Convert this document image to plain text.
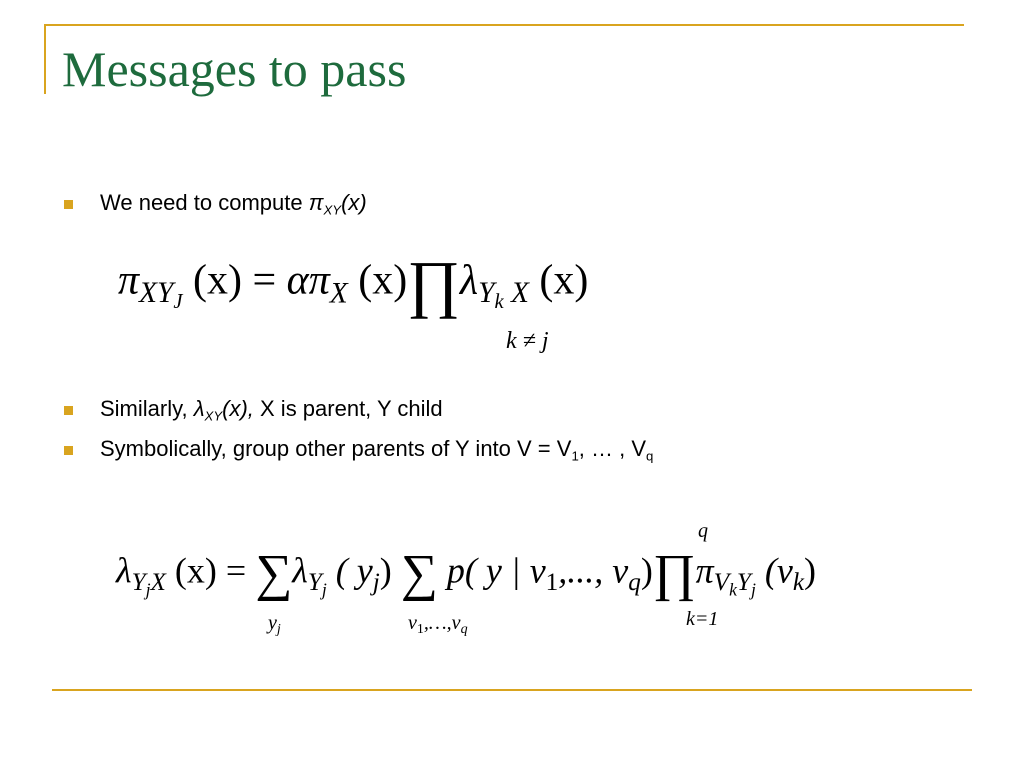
Messages to pass
We need to compute $\pi_{XY}(x)$
$\pi_{XY_J}$ $(x) = \alpha\pi_X$ $(x)\prod\lambda_{Y_k X}$ (x)
k ≠ j
Similarly, $\lambda_{XY}(x)$, X is parent, Y child
Symbolically, group other parents of Y into $V = V_1$, … , $V_q$
$\lambda_{Y_jX}$ $(x) = \sum\lambda_{Y_j}$ ( $y_j$) ∑ p( y | $v_1$,..., $v_q)\prod\pi_{V_kY_j}$ $(v_k)$
$y_j$	$v_1,\dots,v_q$
q
k=1
